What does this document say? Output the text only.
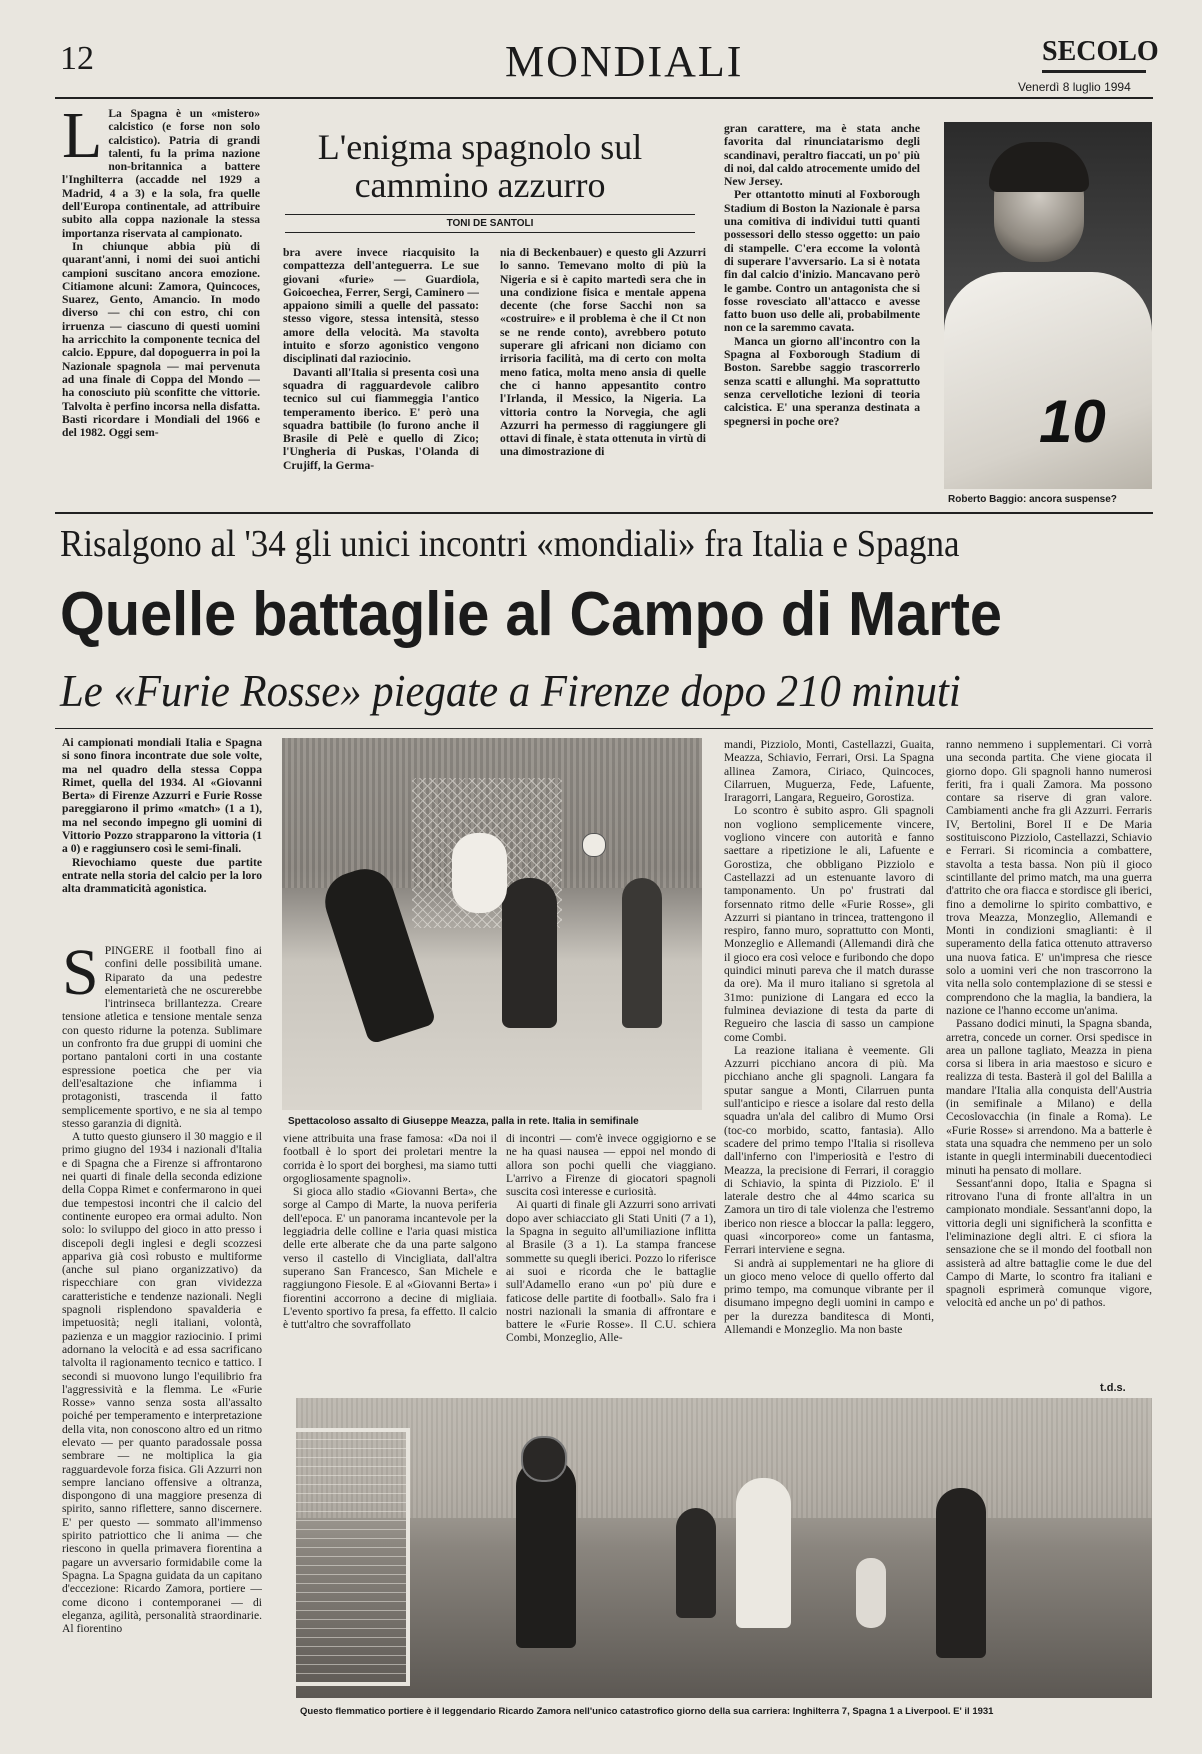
12	MONDIALI	SECOLO
Venerdì 8 luglio 1994
L La Spagna è un «mistero» calcistico (e forse non solo calcistico). Patria di grandi talenti, fu la prima nazione non-britannica a battere l'Inghilterra (accadde nel 1929 a Madrid, 4 a 3) e la sola, fra quelle dell'Europa continentale, ad attribuire subito alla coppa nazionale la stessa importanza riservata al campionato.

In chiunque abbia più di quarant'anni, i nomi dei suoi antichi campioni suscitano ancora emozione. Citiamone alcuni: Zamora, Quincoces, Suarez, Gento, Amancio. In modo diverso — chi con estro, chi con irruenza — ciascuno di questi uomini ha arricchito la componente tecnica del calcio. Eppure, dal dopoguerra in poi la Nazionale spagnola — mai pervenuta ad una finale di Coppa del Mondo — ha conosciuto più sconfitte che vittorie. Talvolta è perfino incorsa nella disfatta. Basti ricordare i Mondiali del 1966 e del 1982. Oggi sem-

L'enigma spagnolo sul cammino azzurro
TONI DE SANTOLI

bra avere invece riacquisito la compattezza dell'anteguerra. Le sue giovani «furie» — Guardiola, Goicoechea, Ferrer, Sergi, Caminero — appaiono simili a quelle del passato: stesso vigore, stessa intensità, stesso amore della velocità. Ma stavolta intuito e sforzo agonistico vengono disciplinati dal raziocinio.

Davanti all'Italia si presenta così una squadra di ragguardevole calibro tecnico sul cui fiammeggia l'antico temperamento iberico. E' però una squadra battibile (lo furono anche il Brasile di Pelè e quello di Zico; l'Ungheria di Puskas, l'Olanda di Crujiff, la Germa-

nia di Beckenbauer) e questo gli Azzurri lo sanno. Temevano molto di più la Nigeria e si è capito martedì sera che in una condizione fisica e mentale appena decente (che forse Sacchi non sa «costruire» e il problema è che il Ct non se ne rende conto), avrebbero potuto superare gli africani non diciamo con irrisoria facilità, ma di certo con molta meno fatica, molta meno ansia di quelle che ci hanno appesantito contro l'Irlanda, il Messico, la Nigeria. La vittoria contro la Norvegia, che agli Azzurri ha permesso di raggiungere gli ottavi di finale, è stata ottenuta in virtù di una dimostrazione di

gran carattere, ma è stata anche favorita dal rinunciatarismo degli scandinavi, peraltro fiaccati, un po' più di noi, dal caldo atrocemente umido del New Jersey.

Per ottantotto minuti al Foxborough Stadium di Boston la Nazionale è parsa una comitiva di individui tutti quanti possessori dello stesso oggetto: un paio di stampelle. C'era eccome la volontà di superare l'avversario. La si è notata fin dal calcio d'inizio. Mancavano però le gambe. Contro un antagonista che si fosse rovesciato all'attacco e avesse fatto buon uso delle ali, probabilmente non ce la saremmo cavata.

Manca un giorno all'incontro con la Spagna al Foxborough Stadium di Boston. Sarebbe saggio trascorrerlo senza scatti e allunghi. Ma soprattutto senza cervellotiche lezioni di teoria calcistica. E' una speranza destinata a spegnersi in poche ore?	10
Roberto Baggio: ancora suspense?
Risalgono al '34 gli unici incontri «mondiali» fra Italia e Spagna
Quelle battaglie al Campo di Marte
Le «Furie Rosse» piegate a Firenze dopo 210 minuti

Ai campionati mondiali Italia e Spagna si sono finora incontrate due sole volte, ma nel quadro della stessa Coppa Rimet, quella del 1934. Al «Giovanni Berta» di Firenze Azzurri e Furie Rosse pareggiarono il primo «match» (1 a 1), ma nel secondo impegno gli uomini di Vittorio Pozzo strapparono la vittoria (1 a 0) e raggiunsero così le semi-finali.

Rievochiamo queste due partite entrate nella storia del calcio per la loro alta drammaticità agonistica.

S PINGERE il football fino ai confini delle possibilità umane. Riparato da una pedestre elementarietà che ne oscurerebbe l'intrinseca brillantezza. Creare tensione atletica e tensione mentale senza con questo ridurne la potenza. Sublimare un confronto fra due gruppi di uomini che portano pantaloni corti in una costante espressione poetica che per via dell'esaltazione che infiamma i protagonisti, trascenda il fatto semplicemente sportivo, e ne sia al tempo stesso garanzia di dignità.

A tutto questo giunsero il 30 maggio e il primo giugno del 1934 i nazionali d'Italia e di Spagna che a Firenze si affrontarono nei quarti di finale della seconda edizione della Coppa Rimet e confermarono in quei due tempestosi incontri che il calcio del continente europeo era ormai adulto. Non solo: lo sviluppo del gioco in atto presso i discepoli degli inglesi e degli scozzesi appariva già così robusto e multiforme (anche sul piano organizzativo) da rispecchiare con gran vividezza caratteristiche e tendenze nazionali. Negli spagnoli risplendono spavalderia e impetuosità; negli italiani, volontà, pazienza e un maggior raziocinio. I primi adornano la velocità e ad essa sacrificano talvolta il ragionamento tecnico e tattico. I secondi si muovono lungo l'equilibrio fra l'aggressività e la flemma. Le «Furie Rosse» vanno senza sosta all'assalto poiché per temperamento e interpretazione della vita, non conoscono altro ed un ritmo elevato — per quanto paradossale possa sembrare — ne moltiplica la gia ragguardevole forza fisica. Gli Azzurri non sempre lanciano offensive a oltranza, dispongono di una maggiore presenza di spirito, sanno riflettere, sanno discernere. E' per questo — sommato all'immenso spirito patriottico che li anima — che riescono in quella primavera fiorentina a pagare un avversario formidabile come la Spagna. La Spagna guidata da un capitano d'eccezione: Ricardo Zamora, portiere — come dicono i contemporanei — di eleganza, agilità, personalità straordinarie. Al fiorentino

Spettacoloso assalto di Giuseppe Meazza, palla in rete. Italia in semifinale

viene attribuita una frase famosa: «Da noi il football è lo sport dei proletari mentre la corrida è lo sport dei borghesi, ma siamo tutti orgogliosamente spagnoli».

Si gioca allo stadio «Giovanni Berta», che sorge al Campo di Marte, la nuova periferia dell'epoca. E' un panorama incantevole per la leggiadria delle colline e l'aria quasi mistica delle erte alberate che da una parte salgono verso il castello di Vincigliata, dall'altra superano San Francesco, San Michele e raggiungono Fiesole. E al «Giovanni Berta» i fiorentini accorrono a decine di migliaia. L'evento sportivo fa presa, fa effetto. Il calcio è tutt'altro che sovraffollato

di incontri — com'è invece oggigiorno e se ne ha quasi nausea — eppoi nel mondo di allora son pochi quelli che viaggiano. L'arrivo a Firenze di giocatori spagnoli suscita così interesse e curiosità.

Ai quarti di finale gli Azzurri sono arrivati dopo aver schiacciato gli Stati Uniti (7 a 1), la Spagna in seguito all'umiliazione inflitta al Brasile (3 a 1). La stampa francese sommette su quegli iberici. Pozzo lo riferisce ai suoi e ricorda che le battaglie sull'Adamello erano «un po' più dure e faticose delle partite di football». Salo fra i nostri nazionali la smania di affrontare e battere le «Furie Rosse». Il C.U. schiera Combi, Monzeglio, Alle-

mandi, Pizziolo, Monti, Castellazzi, Guaita, Meazza, Schiavio, Ferrari, Orsi. La Spagna allinea Zamora, Ciriaco, Quincoces, Cilarruen, Muguerza, Fede, Lafuente, Iraragorri, Langara, Regueiro, Gorostiza.

Lo scontro è subito aspro. Gli spagnoli non vogliono semplicemente vincere, vogliono vincere con autorità e fanno saettare a ripetizione le ali, Lafuente e Gorostiza, che obbligano Pizziolo e Castellazzi ad un estenuante lavoro di tamponamento. Un po' frustrati dal forsennato ritmo delle «Furie Rosse», gli Azzurri si piantano in trincea, trattengono il respiro, fanno muro, soprattutto con Monti, Monzeglio e Allemandi (Allemandi dirà che il gioco era così veloce e furibondo che dopo quindici minuti pareva che il match durasse da ore). Ma il muro italiano si sgretola al 31mo: punizione di Langara ed ecco la fulminea deviazione di testa da parte di Regueiro che lascia di sasso un campione come Combi.

La reazione italiana è veemente. Gli Azzurri picchiano ancora di più. Ma picchiano anche gli spagnoli. Langara fa sputar sangue a Monti, Cilarruen punta sull'anticipo e riesce a isolare dal resto della squadra un'ala del calibro di Mumo Orsi (toc-co morbido, scatto, fantasia). Allo scadere del primo tempo l'Italia si risolleva dall'inferno con l'imperiosità e l'estro di Meazza, la precisione di Ferrari, il coraggio di Schiavio, la spinta di Pizziolo. E' il laterale destro che al 44mo scarica su Zamora un tiro di tale violenza che l'estremo iberico non riesce a bloccar la palla: leggero, quasi «incorporeo» come un fantasma, Ferrari interviene e segna.

Si andrà ai supplementari ne ha gliore di un gioco meno veloce di quello offerto dal primo tempo, ma comunque vibrante per il disumano impegno degli uomini in campo e per la durezza banditesca di Monti, Allemandi e Monzeglio. Ma non baste

ranno nemmeno i supplementari. Ci vorrà una seconda partita. Che viene giocata il giorno dopo. Gli spagnoli hanno numerosi feriti, fra i quali Zamora. Ma possono contare sa riserve di gran valore. Cambiamenti anche fra gli Azzurri. Ferraris IV, Bertolini, Borel II e De Maria sostituiscono Pizziolo, Castellazzi, Schiavio e Ferrari. Si ricomincia a combattere, stavolta a testa bassa. Non più il gioco scintillante del primo match, ma una guerra d'attrito che ora fiacca e stordisce gli iberici, fino a demolirne lo spirito combattivo, e trova Meazza, Monzeglio, Allemandi e Monti in condizioni smaglianti: è il superamento della fatica ottenuto attraverso una nuova fatica. E' un'impresa che riesce solo a uomini veri che non trascorrono la vita nella solo contemplazione di se stessi e comprendono che la maglia, la bandiera, la nazione ce l'hanno eccome un'anima.

Passano dodici minuti, la Spagna sbanda, arretra, concede un corner. Orsi spedisce in area un pallone tagliato, Meazza in piena corsa si libera in aria maestoso e sicuro e realizza di testa. Basterà il gol del Balilla a mandare l'Italia alla conquista dell'Austria (in semifinale a Milano) e della Cecoslovacchia (in finale a Roma). Le «Furie Rosse» si arrendono. Ma a batterle è stata una squadra che nemmeno per un solo istante in quegli interminabili duecentodieci minuti ha pensato di mollare.

Sessant'anni dopo, Italia e Spagna si ritrovano l'una di fronte all'altra in un campionato mondiale. Sessant'anni dopo, la vittoria degli uni significherà la sconfitta e l'eliminazione degli altri. E ci sfiora la sensazione che se il mondo del football non assisterà ad altre battaglie come le due del Campo di Marte, lo scontro fra italiani e spagnoli esprimerà comunque vigore, velocità ed anche un po' di pathos.

t.d.s.
Questo flemmatico portiere è il leggendario Ricardo Zamora nell'unico catastrofico giorno della sua carriera: Inghilterra 7, Spagna 1 a Liverpool. E' il 1931
